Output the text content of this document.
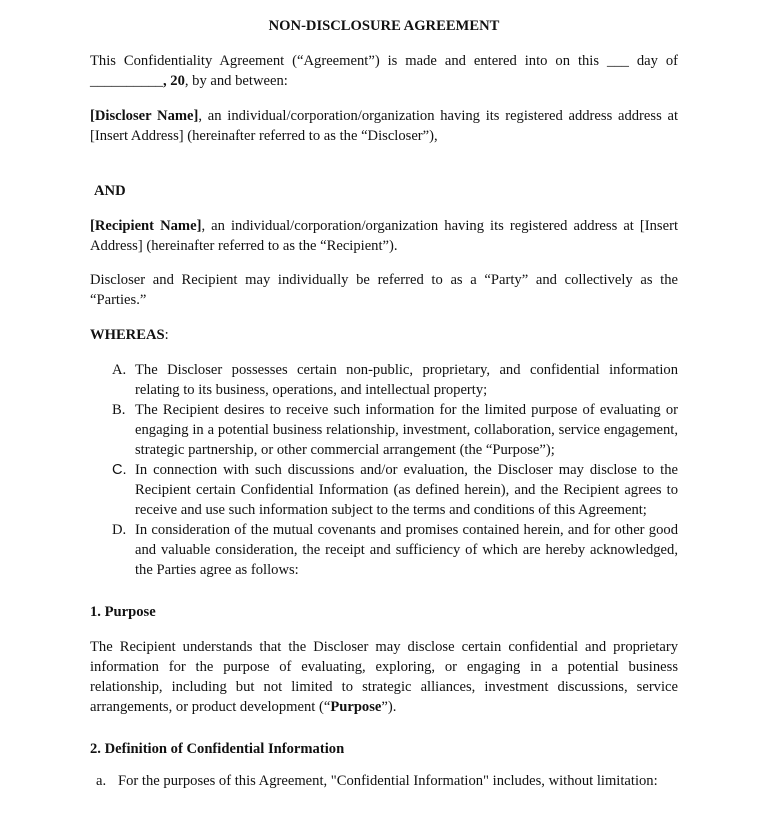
NON-DISCLOSURE AGREEMENT

This Confidentiality Agreement (“Agreement”) is made and entered into on this ___ day of __________, 20, by and between:

[Discloser Name], an individual/corporation/organization having its registered address address at [Insert Address] (hereinafter referred to as the “Discloser”),

AND

[Recipient Name], an individual/corporation/organization having its registered address at [Insert Address] (hereinafter referred to as the “Recipient”).

Discloser and Recipient may individually be referred to as a “Party” and collectively as the “Parties.”

WHEREAS:

A. The Discloser possesses certain non-public, proprietary, and confidential information relating to its business, operations, and intellectual property;
B. The Recipient desires to receive such information for the limited purpose of evaluating or engaging in a potential business relationship, investment, collaboration, service engagement, strategic partnership, or other commercial arrangement (the “Purpose”);
C. In connection with such discussions and/or evaluation, the Discloser may disclose to the Recipient certain Confidential Information (as defined herein), and the Recipient agrees to receive and use such information subject to the terms and conditions of this Agreement;
D. In consideration of the mutual covenants and promises contained herein, and for other good and valuable consideration, the receipt and sufficiency of which are hereby acknowledged, the Parties agree as follows:

1. Purpose

The Recipient understands that the Discloser may disclose certain confidential and proprietary information for the purpose of evaluating, exploring, or engaging in a potential business relationship, including but not limited to strategic alliances, investment discussions, service arrangements, or product development (“Purpose”).

2. Definition of Confidential Information

a. For the purposes of this Agreement, "Confidential Information" includes, without limitation:
